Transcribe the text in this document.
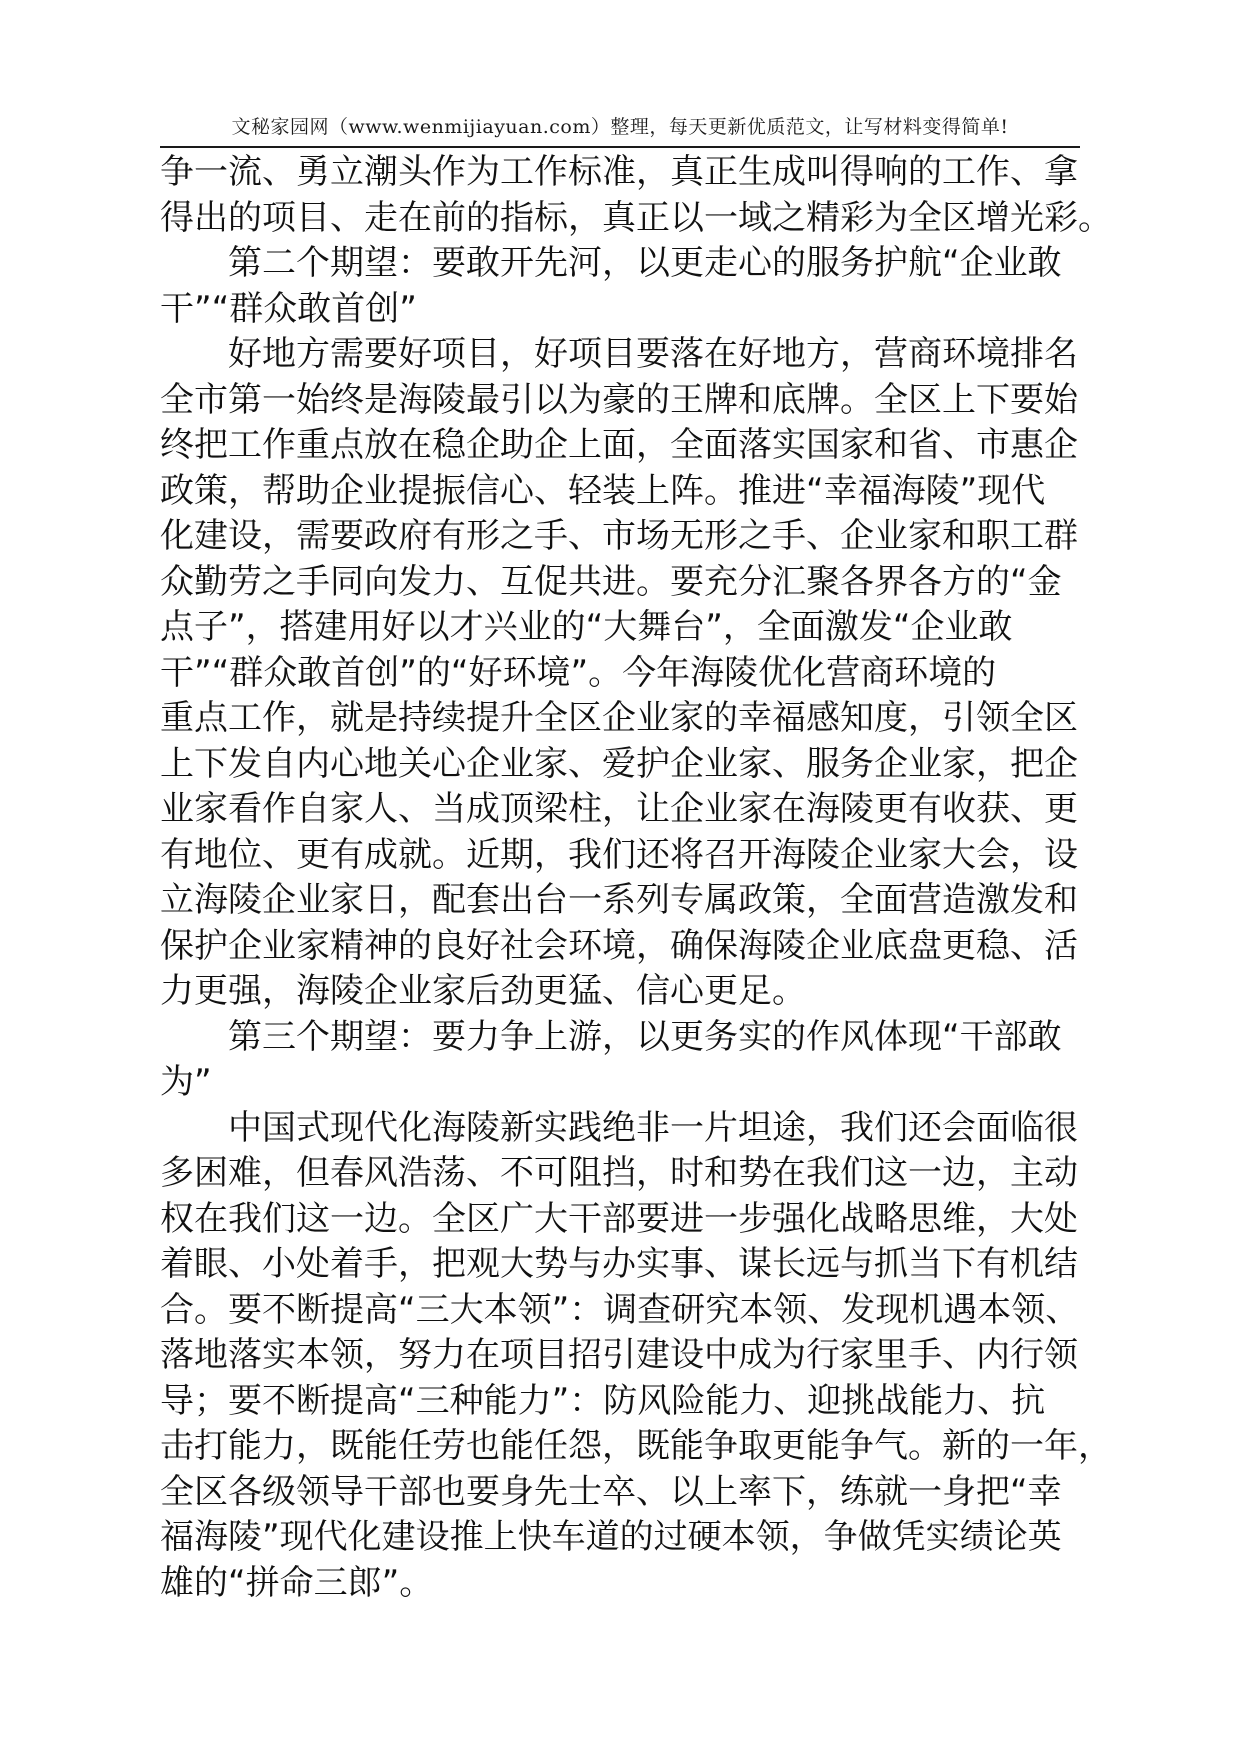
文秘家园网（www.wenmijiayuan.com）整理，每天更新优质范文，让写材料变得简单!
争一流、勇立潮头作为工作标准，真正生成叫得响的工作、拿
得出的项目、走在前的指标，真正以一域之精彩为全区增光彩。
第二个期望：要敢开先河，以更走心的服务护航“企业敢
干”“群众敢首创”
好地方需要好项目，好项目要落在好地方，营商环境排名
全市第一始终是海陵最引以为豪的王牌和底牌。全区上下要始
终把工作重点放在稳企助企上面，全面落实国家和省、市惠企
政策，帮助企业提振信心、轻装上阵。推进“幸福海陵”现代
化建设，需要政府有形之手、市场无形之手、企业家和职工群
众勤劳之手同向发力、互促共进。要充分汇聚各界各方的“金
点子”，搭建用好以才兴业的“大舞台”，全面激发“企业敢
干”“群众敢首创”的“好环境”。今年海陵优化营商环境的
重点工作，就是持续提升全区企业家的幸福感知度，引领全区
上下发自内心地关心企业家、爱护企业家、服务企业家，把企
业家看作自家人、当成顶梁柱，让企业家在海陵更有收获、更
有地位、更有成就。近期，我们还将召开海陵企业家大会，设
立海陵企业家日，配套出台一系列专属政策，全面营造激发和
保护企业家精神的良好社会环境，确保海陵企业底盘更稳、活
力更强，海陵企业家后劲更猛、信心更足。
第三个期望：要力争上游，以更务实的作风体现“干部敢
为”
中国式现代化海陵新实践绝非一片坦途，我们还会面临很
多困难，但春风浩荡、不可阻挡，时和势在我们这一边，主动
权在我们这一边。全区广大干部要进一步强化战略思维，大处
着眼、小处着手，把观大势与办实事、谋长远与抓当下有机结
合。要不断提高“三大本领”：调查研究本领、发现机遇本领、
落地落实本领，努力在项目招引建设中成为行家里手、内行领
导；要不断提高“三种能力”：防风险能力、迎挑战能力、抗
击打能力，既能任劳也能任怨，既能争取更能争气。新的一年，
全区各级领导干部也要身先士卒、以上率下，练就一身把“幸
福海陵”现代化建设推上快车道的过硬本领，争做凭实绩论英
雄的“拼命三郎”。
